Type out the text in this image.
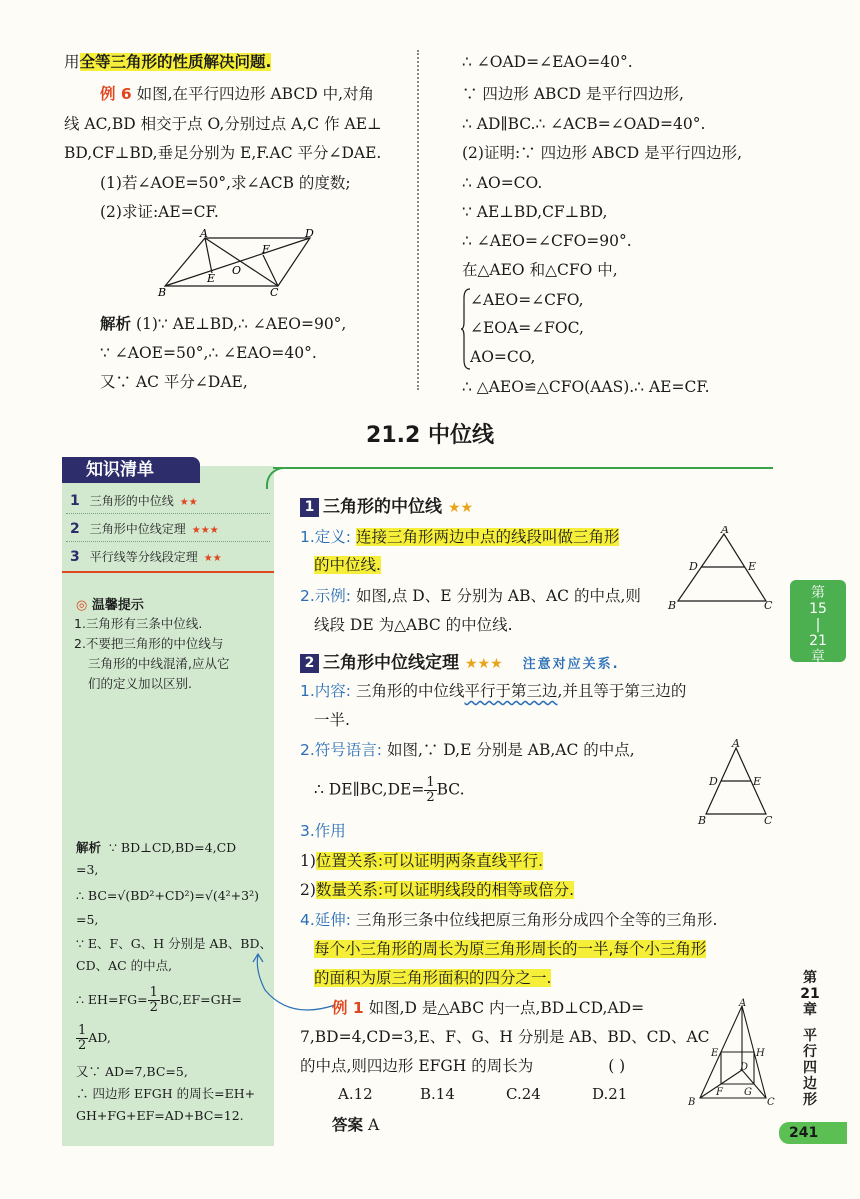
用全等三角形的性质解决问题.
例 6 如图,在平行四边形 ABCD 中,对角
线 AC,BD 相交于点 O,分别过点 A,C 作 AE⊥
BD,CF⊥BD,垂足分别为 E,F.AC 平分∠DAE.
(1)若∠AOE=50°,求∠ACB 的度数;
(2)求证:AE=CF.
A	D
B	C
E
F
O
解析 (1)∵ AE⊥BD,∴ ∠AEO=90°,
∵ ∠AOE=50°,∴ ∠EAO=40°.
又∵ AC 平分∠DAE,
∴ ∠OAD=∠EAO=40°.
∵ 四边形 ABCD 是平行四边形,
∴ AD∥BC.∴ ∠ACB=∠OAD=40°.
(2)证明:∵ 四边形 ABCD 是平行四边形,
∴ AO=CO.
∵ AE⊥BD,CF⊥BD,
∴ ∠AEO=∠CFO=90°.
在△AEO 和△CFO 中,
∠AEO=∠CFO,
∠EOA=∠FOC,
AO=CO,
∴ △AEO≌△CFO(AAS).∴ AE=CF.
21.2 中位线
知识清单
1 三角形的中位线 ★★
2 三角形中位线定理 ★★★
3 平行线等分线段定理 ★★
◎ 温馨提示
1.三角形有三条中位线.
2.不要把三角形的中位线与
三角形的中线混淆,应从它
们的定义加以区别.
解析 ∵ BD⊥CD,BD=4,CD
=3,
∴ BC=√(BD²+CD²)=√(4²+3²)
=5,
∵ E、F、G、H 分别是 AB、BD、
CD、AC 的中点,
∴ $EH=FG= \frac{1}{2} BC,EF=GH=$
$\frac{1}{2}$ AD,
又∵ AD=7,BC=5,
∴ 四边形 EFGH 的周长=EH+
GH+FG+EF=AD+BC=12.
1 三角形的中位线 ★★
1.定义: 连接三角形两边中点的线段叫做三角形
的中位线.
A
B	C
D	E
2.示例: 如图,点 D、E 分别为 AB、AC 的中点,则
线段 DE 为△ABC 的中位线.
2 三角形中位线定理 ★★★ 注意对应关系.
1.内容: 三角形的中位线平行于第三边,并且等于第三边的
一半.
2.符号语言: 如图,∵ D,E 分别是 AB,AC 的中点,
∴ DE∥BC,DE= $\frac{1}{2}$ BC.
A
B	C
D	E
3.作用
1)位置关系:可以证明两条直线平行.
2)数量关系:可以证明线段的相等或倍分.
4.延伸: 三角形三条中位线把原三角形分成四个全等的三角形.
每个小三角形的周长为原三角形周长的一半,每个小三角形
的面积为原三角形面积的四分之一.
例 1 如图,D 是△ABC 内一点,BD⊥CD,AD=
7,BD=4,CD=3,E、F、G、H 分别是 AB、BD、CD、AC
的中点,则四边形 EFGH 的周长为	( )
A.12	B.14	C.24	D.21
答案 A
A
B	C
E	H
F G
D
第
15
|
21
章
第
21
章
平
行
四
边
形
241
